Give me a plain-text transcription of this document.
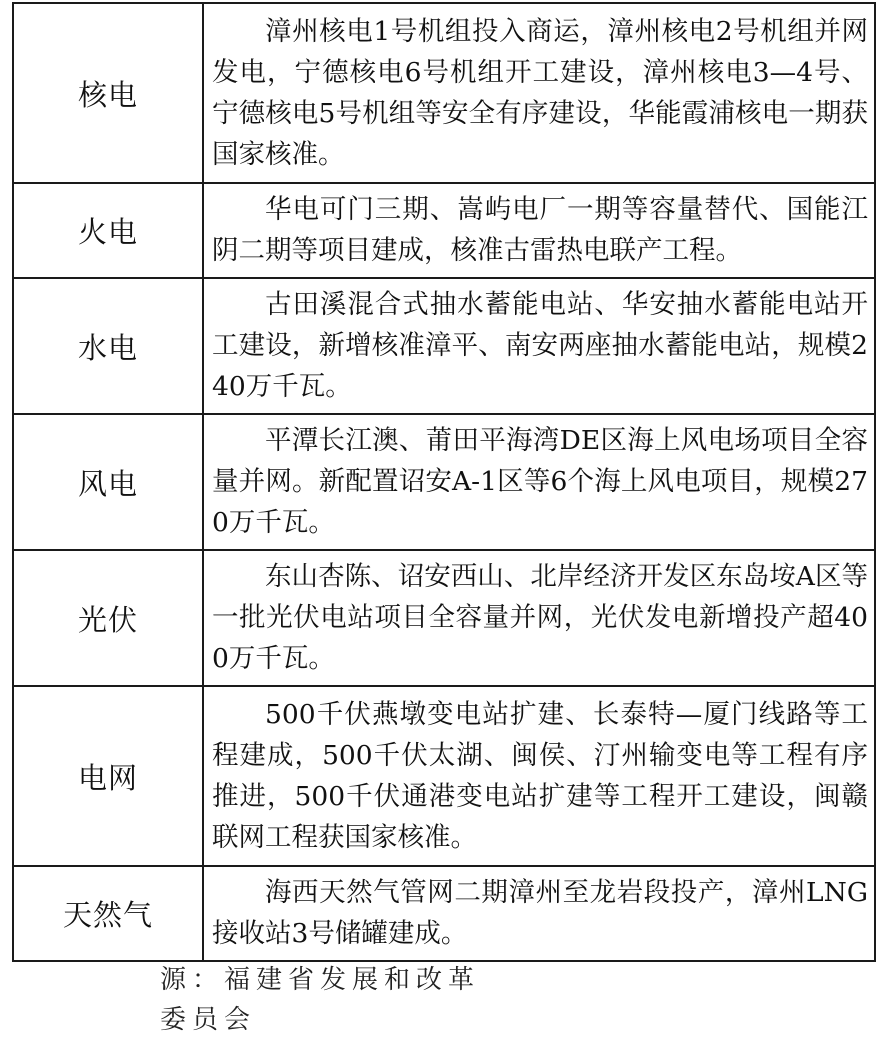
核电	漳州核电1号机组投入商运，漳州核电2号机组并网发电，宁德核电6号机组开工建设，漳州核电3—4号、宁德核电5号机组等安全有序建设，华能霞浦核电一期获国家核准。
火电	华电可门三期、嵩屿电厂一期等容量替代、国能江阴二期等项目建成，核准古雷热电联产工程。
水电	古田溪混合式抽水蓄能电站、华安抽水蓄能电站开工建设，新增核准漳平、南安两座抽水蓄能电站，规模240万千瓦。
风电	平潭长江澳、莆田平海湾DE区海上风电场项目全容量并网。新配置诏安A-1区等6个海上风电项目，规模270万千瓦。
光伏	东山杏陈、诏安西山、北岸经济开发区东岛垵A区等一批光伏电站项目全容量并网，光伏发电新增投产超400万千瓦。
电网	500千伏燕墩变电站扩建、长泰特—厦门线路等工程建成，500千伏太湖、闽侯、汀州输变电等工程有序推进，500千伏通港变电站扩建等工程开工建设，闽赣联网工程获国家核准。
天然气	海西天然气管网二期漳州至龙岩段投产，漳州LNG接收站3号储罐建成。
源：福建省发展和改革委员会
